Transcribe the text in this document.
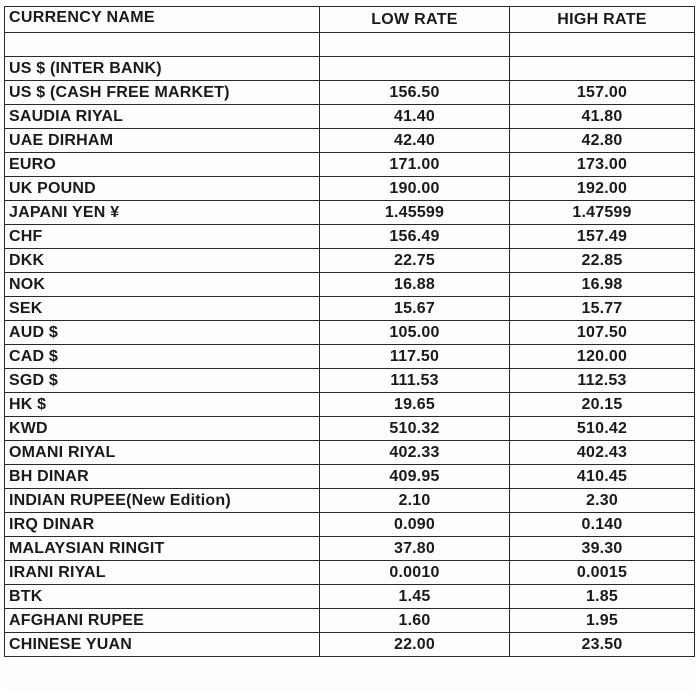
CURRENCY NAME	LOW RATE	HIGH RATE

US $ (INTER BANK)		
US $ (CASH FREE MARKET)	156.50	157.00
SAUDIA RIYAL	41.40	41.80
UAE DIRHAM	42.40	42.80
EURO	171.00	173.00
UK POUND	190.00	192.00
JAPANI YEN ¥	1.45599	1.47599
CHF	156.49	157.49
DKK	22.75	22.85
NOK	16.88	16.98
SEK	15.67	15.77
AUD $	105.00	107.50
CAD $	117.50	120.00
SGD $	111.53	112.53
HK $	19.65	20.15
KWD	510.32	510.42
OMANI RIYAL	402.33	402.43
BH DINAR	409.95	410.45
INDIAN RUPEE(New Edition)	2.10	2.30
IRQ DINAR	0.090	0.140
MALAYSIAN RINGIT	37.80	39.30
IRANI RIYAL	0.0010	0.0015
BTK	1.45	1.85
AFGHANI RUPEE	1.60	1.95
CHINESE YUAN	22.00	23.50
